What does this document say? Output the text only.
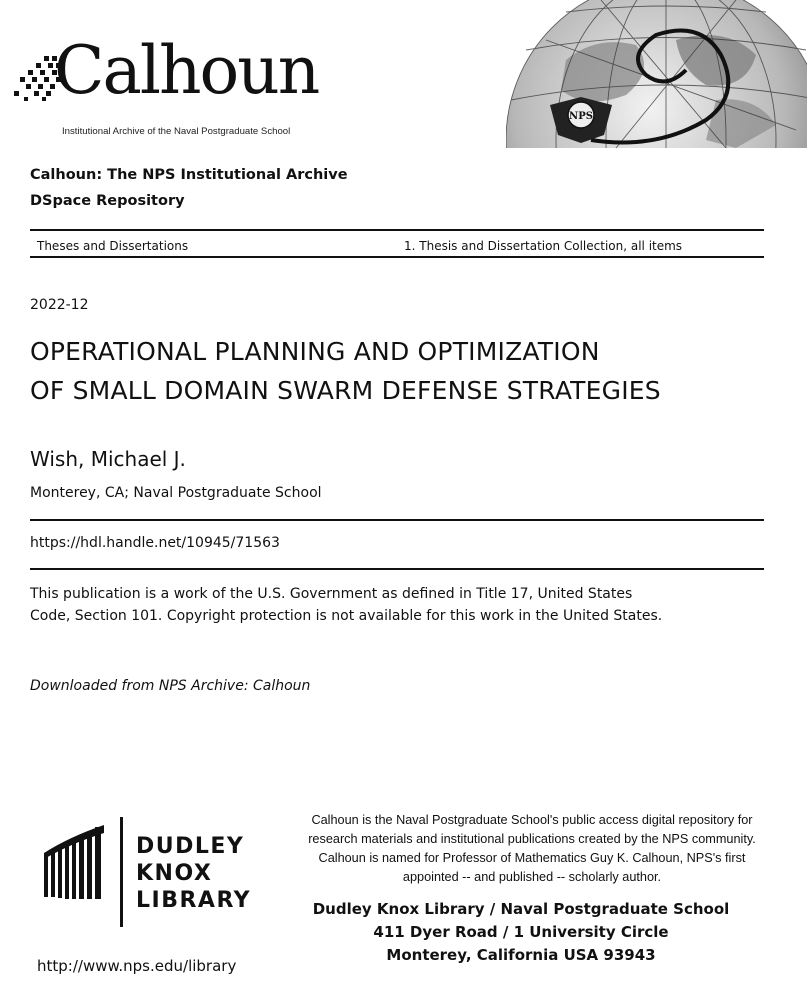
Calhoun
Institutional Archive of the Naval Postgraduate School
NPS
Calhoun: The NPS Institutional Archive
DSpace Repository
Theses and Dissertations	1. Thesis and Dissertation Collection, all items
2022-12
OPERATIONAL PLANNING AND OPTIMIZATION
OF SMALL DOMAIN SWARM DEFENSE STRATEGIES
Wish, Michael J.
Monterey, CA; Naval Postgraduate School
https://hdl.handle.net/10945/71563
This publication is a work of the U.S. Government as defined in Title 17, United States Code, Section 101. Copyright protection is not available for this work in the United States.
Downloaded from NPS Archive: Calhoun
DUDLEY
KNOX
LIBRARY
http://www.nps.edu/library
Calhoun is the Naval Postgraduate School's public access digital repository for
research materials and institutional publications created by the NPS community.
Calhoun is named for Professor of Mathematics Guy K. Calhoun, NPS's first
appointed -- and published -- scholarly author.
Dudley Knox Library / Naval Postgraduate School
411 Dyer Road / 1 University Circle
Monterey, California USA 93943
